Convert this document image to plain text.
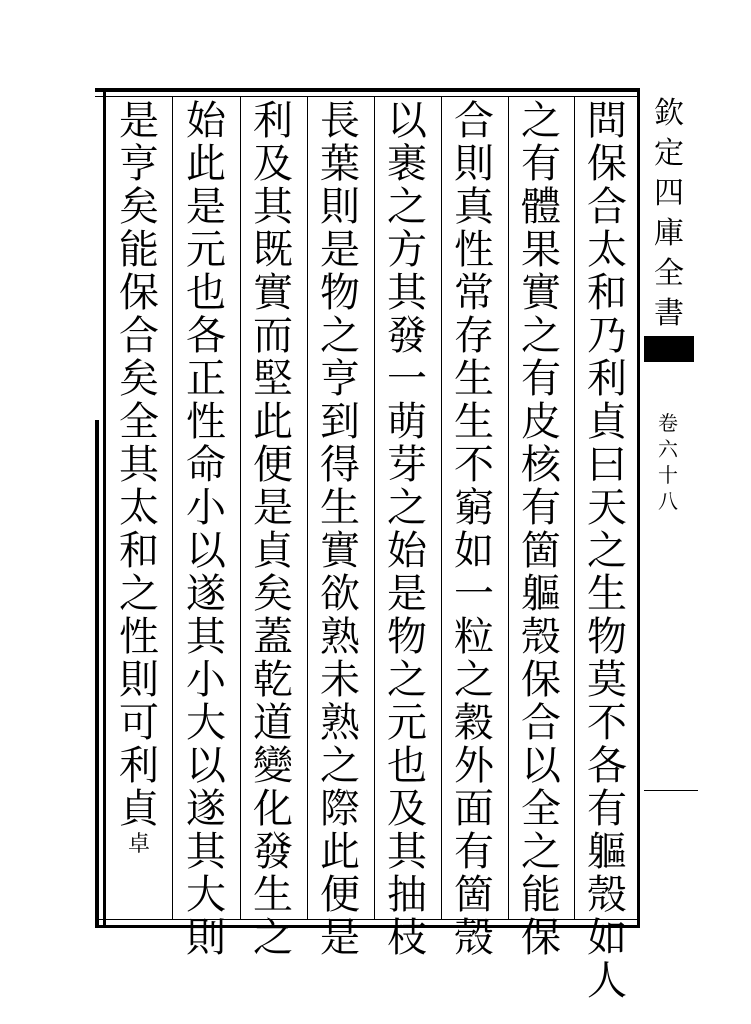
問
保
合
太
和
乃
利
貞
曰
天
之
生
物
莫
不
各
有
軀
殼
如
人
之
有
體
果
實
之
有
皮
核
有
箇
軀
殼
保
合
以
全
之
能
保
合
則
真
性
常
存
生
生
不
窮
如
一
粒
之
穀
外
面
有
箇
殼
以
裹
之
方
其
發
一
萌
芽
之
始
是
物
之
元
也
及
其
抽
枝
長
葉
則
是
物
之
亨
到
得
生
實
欲
熟
未
熟
之
際
此
便
是
利
及
其
既
實
而
堅
此
便
是
貞
矣
蓋
乾
道
變
化
發
生
之
始
此
是
元
也
各
正
性
命
小
以
遂
其
小
大
以
遂
其
大
則
是
亨
矣
能
保
合
矣
全
其
太
和
之
性
則
可
利
貞
卓
欽
定
四
庫
全
書
卷
六
十
八
